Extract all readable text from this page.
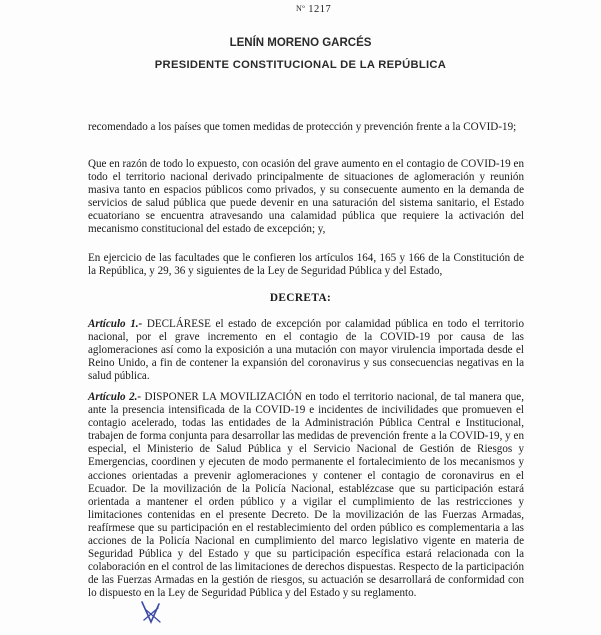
Nº 1217
LENÍN MORENO GARCÉS
PRESIDENTE CONSTITUCIONAL DE LA REPÚBLICA

recomendado a los países que tomen medidas de protección y prevención frente a la COVID-19;

Que en razón de todo lo expuesto, con ocasión del grave aumento en el contagio de COVID-19 en todo el territorio nacional derivado principalmente de situaciones de aglomeración y reunión masiva tanto en espacios públicos como privados, y su consecuente aumento en la demanda de servicios de salud pública que puede devenir en una saturación del sistema sanitario, el Estado ecuatoriano se encuentra atravesando una calamidad pública que requiere la activación del mecanismo constitucional del estado de excepción; y,

En ejercicio de las facultades que le confieren los artículos 164, 165 y 166 de la Constitución de la República, y 29, 36 y siguientes de la Ley de Seguridad Pública y del Estado,

DECRETA:

Artículo 1.- DECLÁRESE el estado de excepción por calamidad pública en todo el territorio nacional, por el grave incremento en el contagio de la COVID-19 por causa de las aglomeraciones así como la exposición a una mutación con mayor virulencia importada desde el Reino Unido, a fin de contener la expansión del coronavirus y sus consecuencias negativas en la salud pública.

Artículo 2.- DISPONER LA MOVILIZACIÓN en todo el territorio nacional, de tal manera que, ante la presencia intensificada de la COVID-19 e incidentes de incivilidades que promueven el contagio acelerado, todas las entidades de la Administración Pública Central e Institucional, trabajen de forma conjunta para desarrollar las medidas de prevención frente a la COVID-19, y en especial, el Ministerio de Salud Pública y el Servicio Nacional de Gestión de Riesgos y Emergencias, coordinen y ejecuten de modo permanente el fortalecimiento de los mecanismos y acciones orientadas a prevenir aglomeraciones y contener el contagio de coronavirus en el Ecuador. De la movilización de la Policía Nacional, establézcase que su participación estará orientada a mantener el orden público y a vigilar el cumplimiento de las restricciones y limitaciones contenidas en el presente Decreto. De la movilización de las Fuerzas Armadas, reafírmese que su participación en el restablecimiento del orden público es complementaria a las acciones de la Policía Nacional en cumplimiento del marco legislativo vigente en materia de Seguridad Pública y del Estado y que su participación específica estará relacionada con la colaboración en el control de las limitaciones de derechos dispuestas. Respecto de la participación de las Fuerzas Armadas en la gestión de riesgos, su actuación se desarrollará de conformidad con lo dispuesto en la Ley de Seguridad Pública y del Estado y su reglamento.
